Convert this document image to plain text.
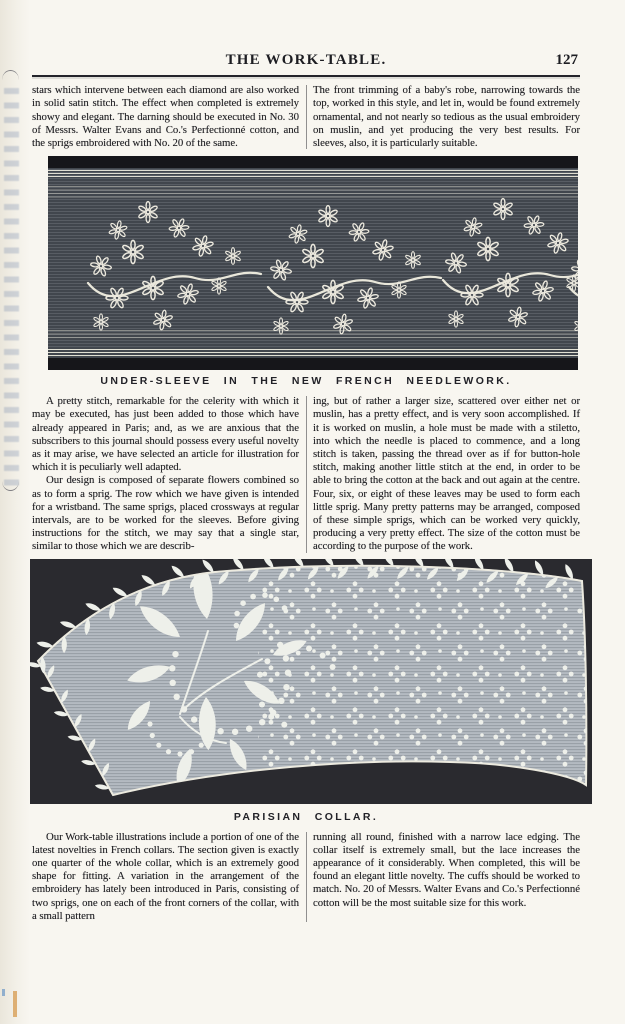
THE WORK-TABLE.	127

stars which intervene between each diamond are also worked in solid satin stitch. The effect when completed is extremely showy and elegant. The darning should be executed in No. 30 of Messrs. Walter Evans and Co.'s Perfectionné cotton, and the sprigs embroidered with No. 20 of the same.

The front trimming of a baby's robe, narrowing towards the top, worked in this style, and let in, would be found extremely ornamental, and not nearly so tedious as the usual embroidery on muslin, and yet producing the very best results. For sleeves, also, it is particularly suitable.

UNDER-SLEEVE IN THE NEW FRENCH NEEDLEWORK.

A pretty stitch, remarkable for the celerity with which it may be executed, has just been added to those which have already appeared in Paris; and, as we are anxious that the subscribers to this journal should possess every useful novelty as it may arise, we have selected an article for illustration for which it is peculiarly well adapted.

Our design is composed of separate flowers combined so as to form a sprig. The row which we have given is intended for a wristband. The same sprigs, placed crossways at regular intervals, are to be worked for the sleeves. Before giving instructions for the stitch, we may say that a single star, similar to those which we are describ-

ing, but of rather a larger size, scattered over either net or muslin, has a pretty effect, and is very soon accomplished. If it is worked on muslin, a hole must be made with a stiletto, into which the needle is placed to commence, and a long stitch is taken, passing the thread over as if for button-hole stitch, making another little stitch at the end, in order to be able to bring the cotton at the back and out again at the centre. Four, six, or eight of these leaves may be used to form each little sprig. Many pretty patterns may be arranged, composed of these simple sprigs, which can be worked very quickly, producing a very pretty effect. The size of the cotton must be according to the purpose of the work.

PARISIAN COLLAR.

Our Work-table illustrations include a portion of one of the latest novelties in French collars. The section given is exactly one quarter of the whole collar, which is an extremely good shape for fitting. A variation in the arrangement of the embroidery has lately been introduced in Paris, consisting of two sprigs, one on each of the front corners of the collar, with a small pattern

running all round, finished with a narrow lace edging. The collar itself is extremely small, but the lace increases the appearance of it considerably. When completed, this will be found an elegant little novelty. The cuffs should be worked to match. No. 20 of Messrs. Walter Evans and Co.'s Perfectionné cotton will be the most suitable size for this work.
